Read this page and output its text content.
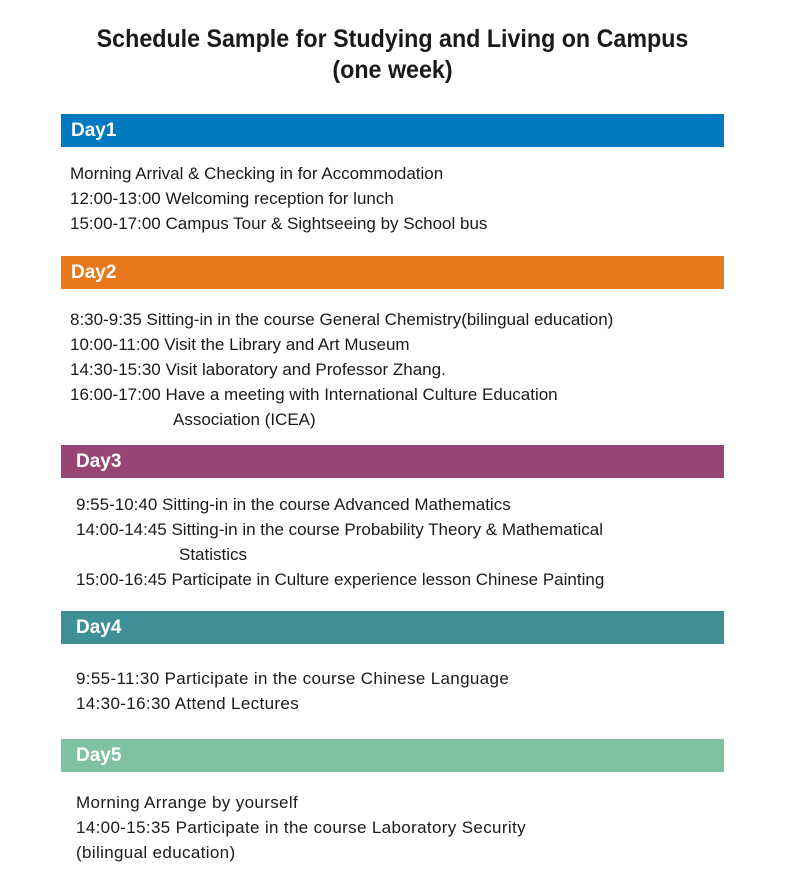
Schedule Sample for Studying and Living on Campus
(one week)
Day1
Morning Arrival & Checking in for Accommodation
12:00-13:00 Welcoming reception for lunch
15:00-17:00 Campus Tour & Sightseeing by School bus
Day2
8:30-9:35 Sitting-in in the course General Chemistry(bilingual education)
10:00-11:00 Visit the Library and Art Museum
14:30-15:30 Visit laboratory and Professor Zhang.
16:00-17:00 Have a meeting with International Culture Education
Association (ICEA)
Day3
9:55-10:40 Sitting-in in the course Advanced Mathematics
14:00-14:45 Sitting-in in the course Probability Theory & Mathematical
Statistics
15:00-16:45 Participate in Culture experience lesson Chinese Painting
Day4
9:55-11:30 Participate in the course Chinese Language
14:30-16:30 Attend Lectures
Day5
Morning Arrange by yourself
14:00-15:35 Participate in the course Laboratory Security
(bilingual education)
